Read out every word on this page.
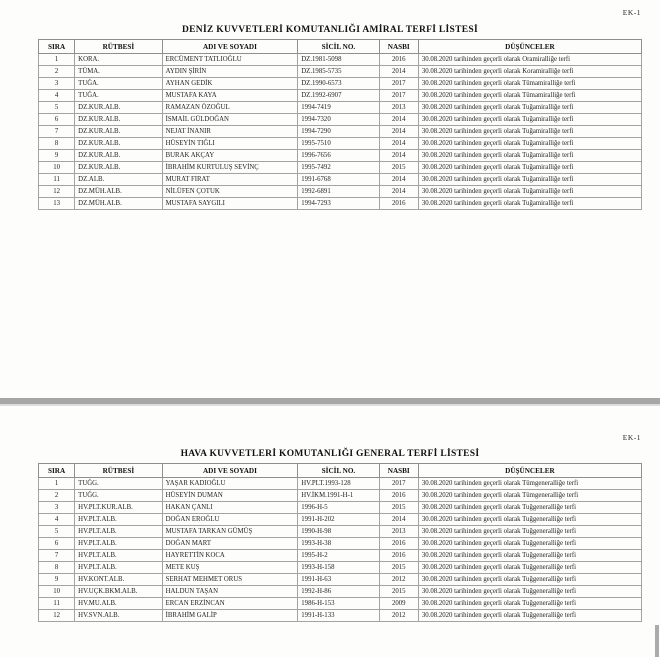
EK-1
DENİZ KUVVETLERİ KOMUTANLIĞI AMİRAL TERFİ LİSTESİ
SIRA	RÜTBESİ	ADI VE SOYADI	SİCİL NO.	NASBI	DÜŞÜNCELER
1	KORA.	ERCÜMENT TATLIOĞLU	DZ.1981-5098	2016	30.08.2020 tarihinden geçerli olarak Oramiralliğe terfi
2	TÜMA.	AYDIN ŞİRİN	DZ.1985-5735	2014	30.08.2020 tarihinden geçerli olarak Koramiralliğe terfi
3	TUĞA.	AYHAN GEDİK	DZ.1990-6573	2017	30.08.2020 tarihinden geçerli olarak Tümamiralliğe terfi
4	TUĞA.	MUSTAFA KAYA	DZ.1992-6907	2017	30.08.2020 tarihinden geçerli olarak Tümamiralliğe terfi
5	DZ.KUR.ALB.	RAMAZAN ÖZOĞUL	1994-7419	2013	30.08.2020 tarihinden geçerli olarak Tuğamiralliğe terfi
6	DZ.KUR.ALB.	İSMAİL GÜLDOĞAN	1994-7320	2014	30.08.2020 tarihinden geçerli olarak Tuğamiralliğe terfi
7	DZ.KUR.ALB.	NEJAT İNANIR	1994-7290	2014	30.08.2020 tarihinden geçerli olarak Tuğamiralliğe terfi
8	DZ.KUR.ALB.	HÜSEYİN TIĞLI	1995-7510	2014	30.08.2020 tarihinden geçerli olarak Tuğamiralliğe terfi
9	DZ.KUR.ALB.	BURAK AKÇAY	1996-7656	2014	30.08.2020 tarihinden geçerli olarak Tuğamiralliğe terfi
10	DZ.KUR.ALB.	İBRAHİM KURTULUŞ SEVİNÇ	1995-7492	2015	30.08.2020 tarihinden geçerli olarak Tuğamiralliğe terfi
11	DZ.ALB.	MURAT FIRAT	1991-6768	2014	30.08.2020 tarihinden geçerli olarak Tuğamiralliğe terfi
12	DZ.MÜH.ALB.	NİLÜFEN ÇOTUK	1992-6891	2014	30.08.2020 tarihinden geçerli olarak Tuğamiralliğe terfi
13	DZ.MÜH.ALB.	MUSTAFA SAYGILI	1994-7293	2016	30.08.2020 tarihinden geçerli olarak Tuğamiralliğe terfi
EK-1
HAVA KUVVETLERİ KOMUTANLIĞI GENERAL TERFİ LİSTESİ
SIRA	RÜTBESİ	ADI VE SOYADI	SİCİL NO.	NASBI	DÜŞÜNCELER
1	TUĞG.	YAŞAR KADIOĞLU	HV.PLT.1993-128	2017	30.08.2020 tarihinden geçerli olarak Tümgeneralliğe terfi
2	TUĞG.	HÜSEYİN DUMAN	HV.İKM.1991-H-1	2016	30.08.2020 tarihinden geçerli olarak Tümgeneralliğe terfi
3	HV.PLT.KUR.ALB.	HAKAN ÇANLI	1996-H-5	2015	30.08.2020 tarihinden geçerli olarak Tuğgeneralliğe terfi
4	HV.PLT.ALB.	DOĞAN EROĞLU	1991-H-202	2014	30.08.2020 tarihinden geçerli olarak Tuğgeneralliğe terfi
5	HV.PLT.ALB.	MUSTAFA TARKAN GÜMÜŞ	1990-H-98	2013	30.08.2020 tarihinden geçerli olarak Tuğgeneralliğe terfi
6	HV.PLT.ALB.	DOĞAN MART	1993-H-38	2016	30.08.2020 tarihinden geçerli olarak Tuğgeneralliğe terfi
7	HV.PLT.ALB.	HAYRETTİN KOCA	1995-H-2	2016	30.08.2020 tarihinden geçerli olarak Tuğgeneralliğe terfi
8	HV.PLT.ALB.	METE KUŞ	1993-H-158	2015	30.08.2020 tarihinden geçerli olarak Tuğgeneralliğe terfi
9	HV.KONT.ALB.	SERHAT MEHMET ORUS	1991-H-63	2012	30.08.2020 tarihinden geçerli olarak Tuğgeneralliğe terfi
10	HV.UÇK.BKM.ALB.	HALDUN TAŞAN	1992-H-86	2015	30.08.2020 tarihinden geçerli olarak Tuğgeneralliğe terfi
11	HV.MU.ALB.	ERCAN ERZİNCAN	1986-H-153	2009	30.08.2020 tarihinden geçerli olarak Tuğgeneralliğe terfi
12	HV.SVN.ALB.	İBRAHİM GALİP	1991-H-133	2012	30.08.2020 tarihinden geçerli olarak Tuğgeneralliğe terfi
